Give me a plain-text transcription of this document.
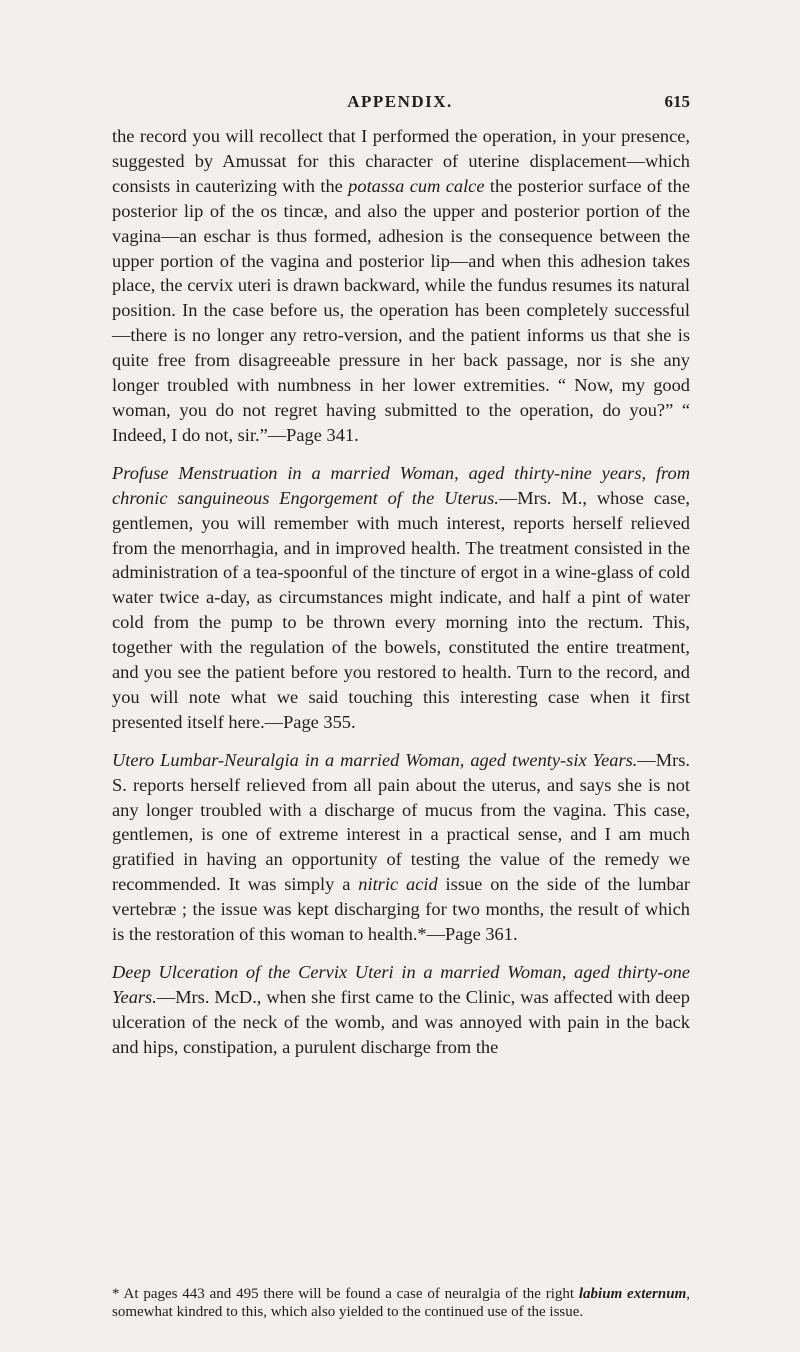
APPENDIX.	615

the record you will recollect that I performed the operation, in your presence, suggested by Amussat for this character of uterine displacement—which consists in cauterizing with the potassa cum calce the posterior surface of the posterior lip of the os tincæ, and also the upper and posterior portion of the vagina—an eschar is thus formed, adhesion is the consequence between the upper portion of the vagina and posterior lip—and when this adhesion takes place, the cervix uteri is drawn backward, while the fundus resumes its natural position. In the case before us, the operation has been completely successful—there is no longer any retro-version, and the patient informs us that she is quite free from disagreeable pressure in her back passage, nor is she any longer troubled with numbness in her lower extremities. “ Now, my good woman, you do not regret having submitted to the operation, do you?” “ Indeed, I do not, sir.”—Page 341.

Profuse Menstruation in a married Woman, aged thirty-nine years, from chronic sanguineous Engorgement of the Uterus.—Mrs. M., whose case, gentlemen, you will remember with much interest, reports herself relieved from the menorrhagia, and in improved health. The treatment consisted in the administration of a tea-spoonful of the tincture of ergot in a wine-glass of cold water twice a-day, as circumstances might indicate, and half a pint of water cold from the pump to be thrown every morning into the rectum. This, together with the regulation of the bowels, constituted the entire treatment, and you see the patient before you restored to health. Turn to the record, and you will note what we said touching this interesting case when it first presented itself here.—Page 355.

Utero Lumbar-Neuralgia in a married Woman, aged twenty-six Years.—Mrs. S. reports herself relieved from all pain about the uterus, and says she is not any longer troubled with a discharge of mucus from the vagina. This case, gentlemen, is one of extreme interest in a practical sense, and I am much gratified in having an opportunity of testing the value of the remedy we recommended. It was simply a nitric acid issue on the side of the lumbar vertebræ ; the issue was kept discharging for two months, the result of which is the restoration of this woman to health.*—Page 361.

Deep Ulceration of the Cervix Uteri in a married Woman, aged thirty-one Years.—Mrs. McD., when she first came to the Clinic, was affected with deep ulceration of the neck of the womb, and was annoyed with pain in the back and hips, constipation, a purulent discharge from the

* At pages 443 and 495 there will be found a case of neuralgia of the right labium externum, somewhat kindred to this, which also yielded to the continued use of the issue.
